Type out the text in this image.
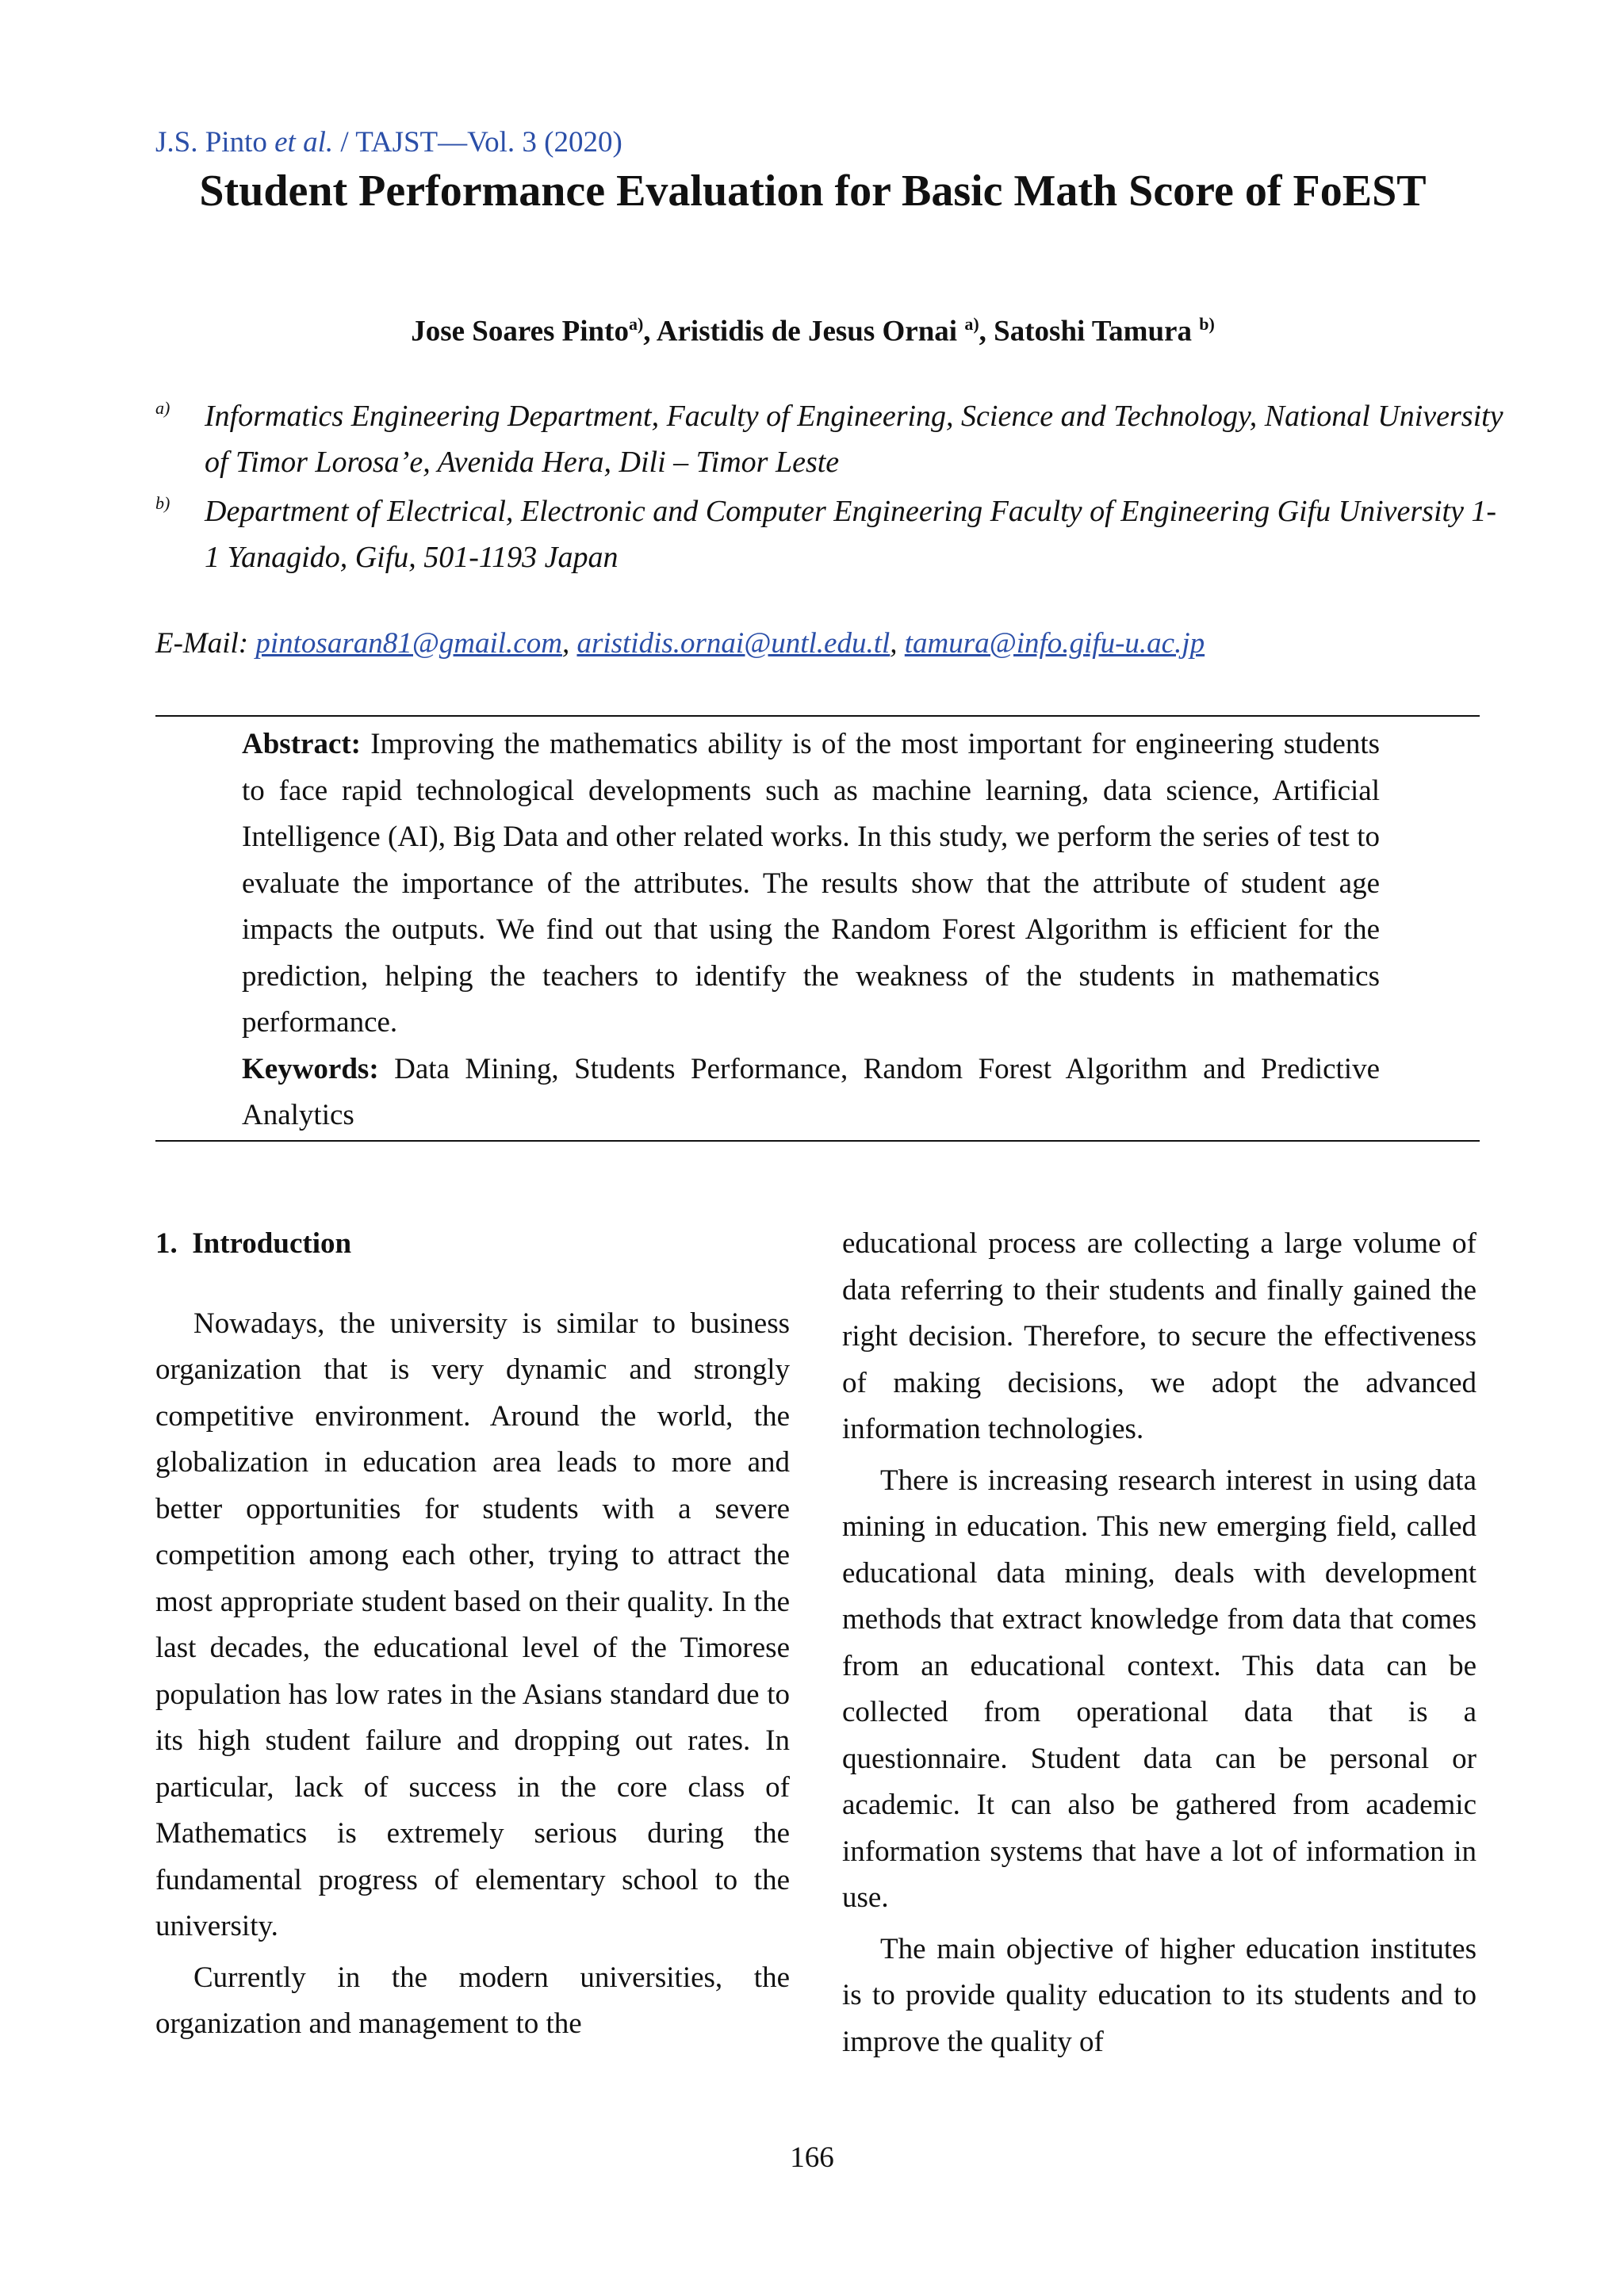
J.S. Pinto et al. / TAJST—Vol. 3 (2020)
Student Performance Evaluation for Basic Math Score of FoEST
Jose Soares Pinto$^{a)}$, Aristidis de Jesus Ornai $^{a)}$, Satoshi Tamura $^{b)}$
a) Informatics Engineering Department, Faculty of Engineering, Science and Technology, National University of Timor Lorosa’e, Avenida Hera, Dili – Timor Leste
b) Department of Electrical, Electronic and Computer Engineering Faculty of Engineering Gifu University 1-1 Yanagido, Gifu, 501-1193 Japan
E-Mail: pintosaran81@gmail.com, aristidis.ornai@untl.edu.tl, tamura@info.gifu-u.ac.jp
Abstract: Improving the mathematics ability is of the most important for engineering students to face rapid technological developments such as machine learning, data science, Artificial Intelligence (AI), Big Data and other related works. In this study, we perform the series of test to evaluate the importance of the attributes. The results show that the attribute of student age impacts the outputs. We find out that using the Random Forest Algorithm is efficient for the prediction, helping the teachers to identify the weakness of the students in mathematics performance.
Keywords: Data Mining, Students Performance, Random Forest Algorithm and Predictive Analytics
1. Introduction

Nowadays, the university is similar to business organization that is very dynamic and strongly competitive environment. Around the world, the globalization in education area leads to more and better opportunities for students with a severe competition among each other, trying to attract the most appropriate student based on their quality. In the last decades, the educational level of the Timorese population has low rates in the Asians standard due to its high student failure and dropping out rates. In particular, lack of success in the core class of Mathematics is extremely serious during the fundamental progress of elementary school to the university.

Currently in the modern universities, the organization and management to the

educational process are collecting a large volume of data referring to their students and finally gained the right decision. Therefore, to secure the effectiveness of making decisions, we adopt the advanced information technologies.

There is increasing research interest in using data mining in education. This new emerging field, called educational data mining, deals with development methods that extract knowledge from data that comes from an educational context. This data can be collected from operational data that is a questionnaire. Student data can be personal or academic. It can also be gathered from academic information systems that have a lot of information in use.

The main objective of higher education institutes is to provide quality education to its students and to improve the quality of

166
